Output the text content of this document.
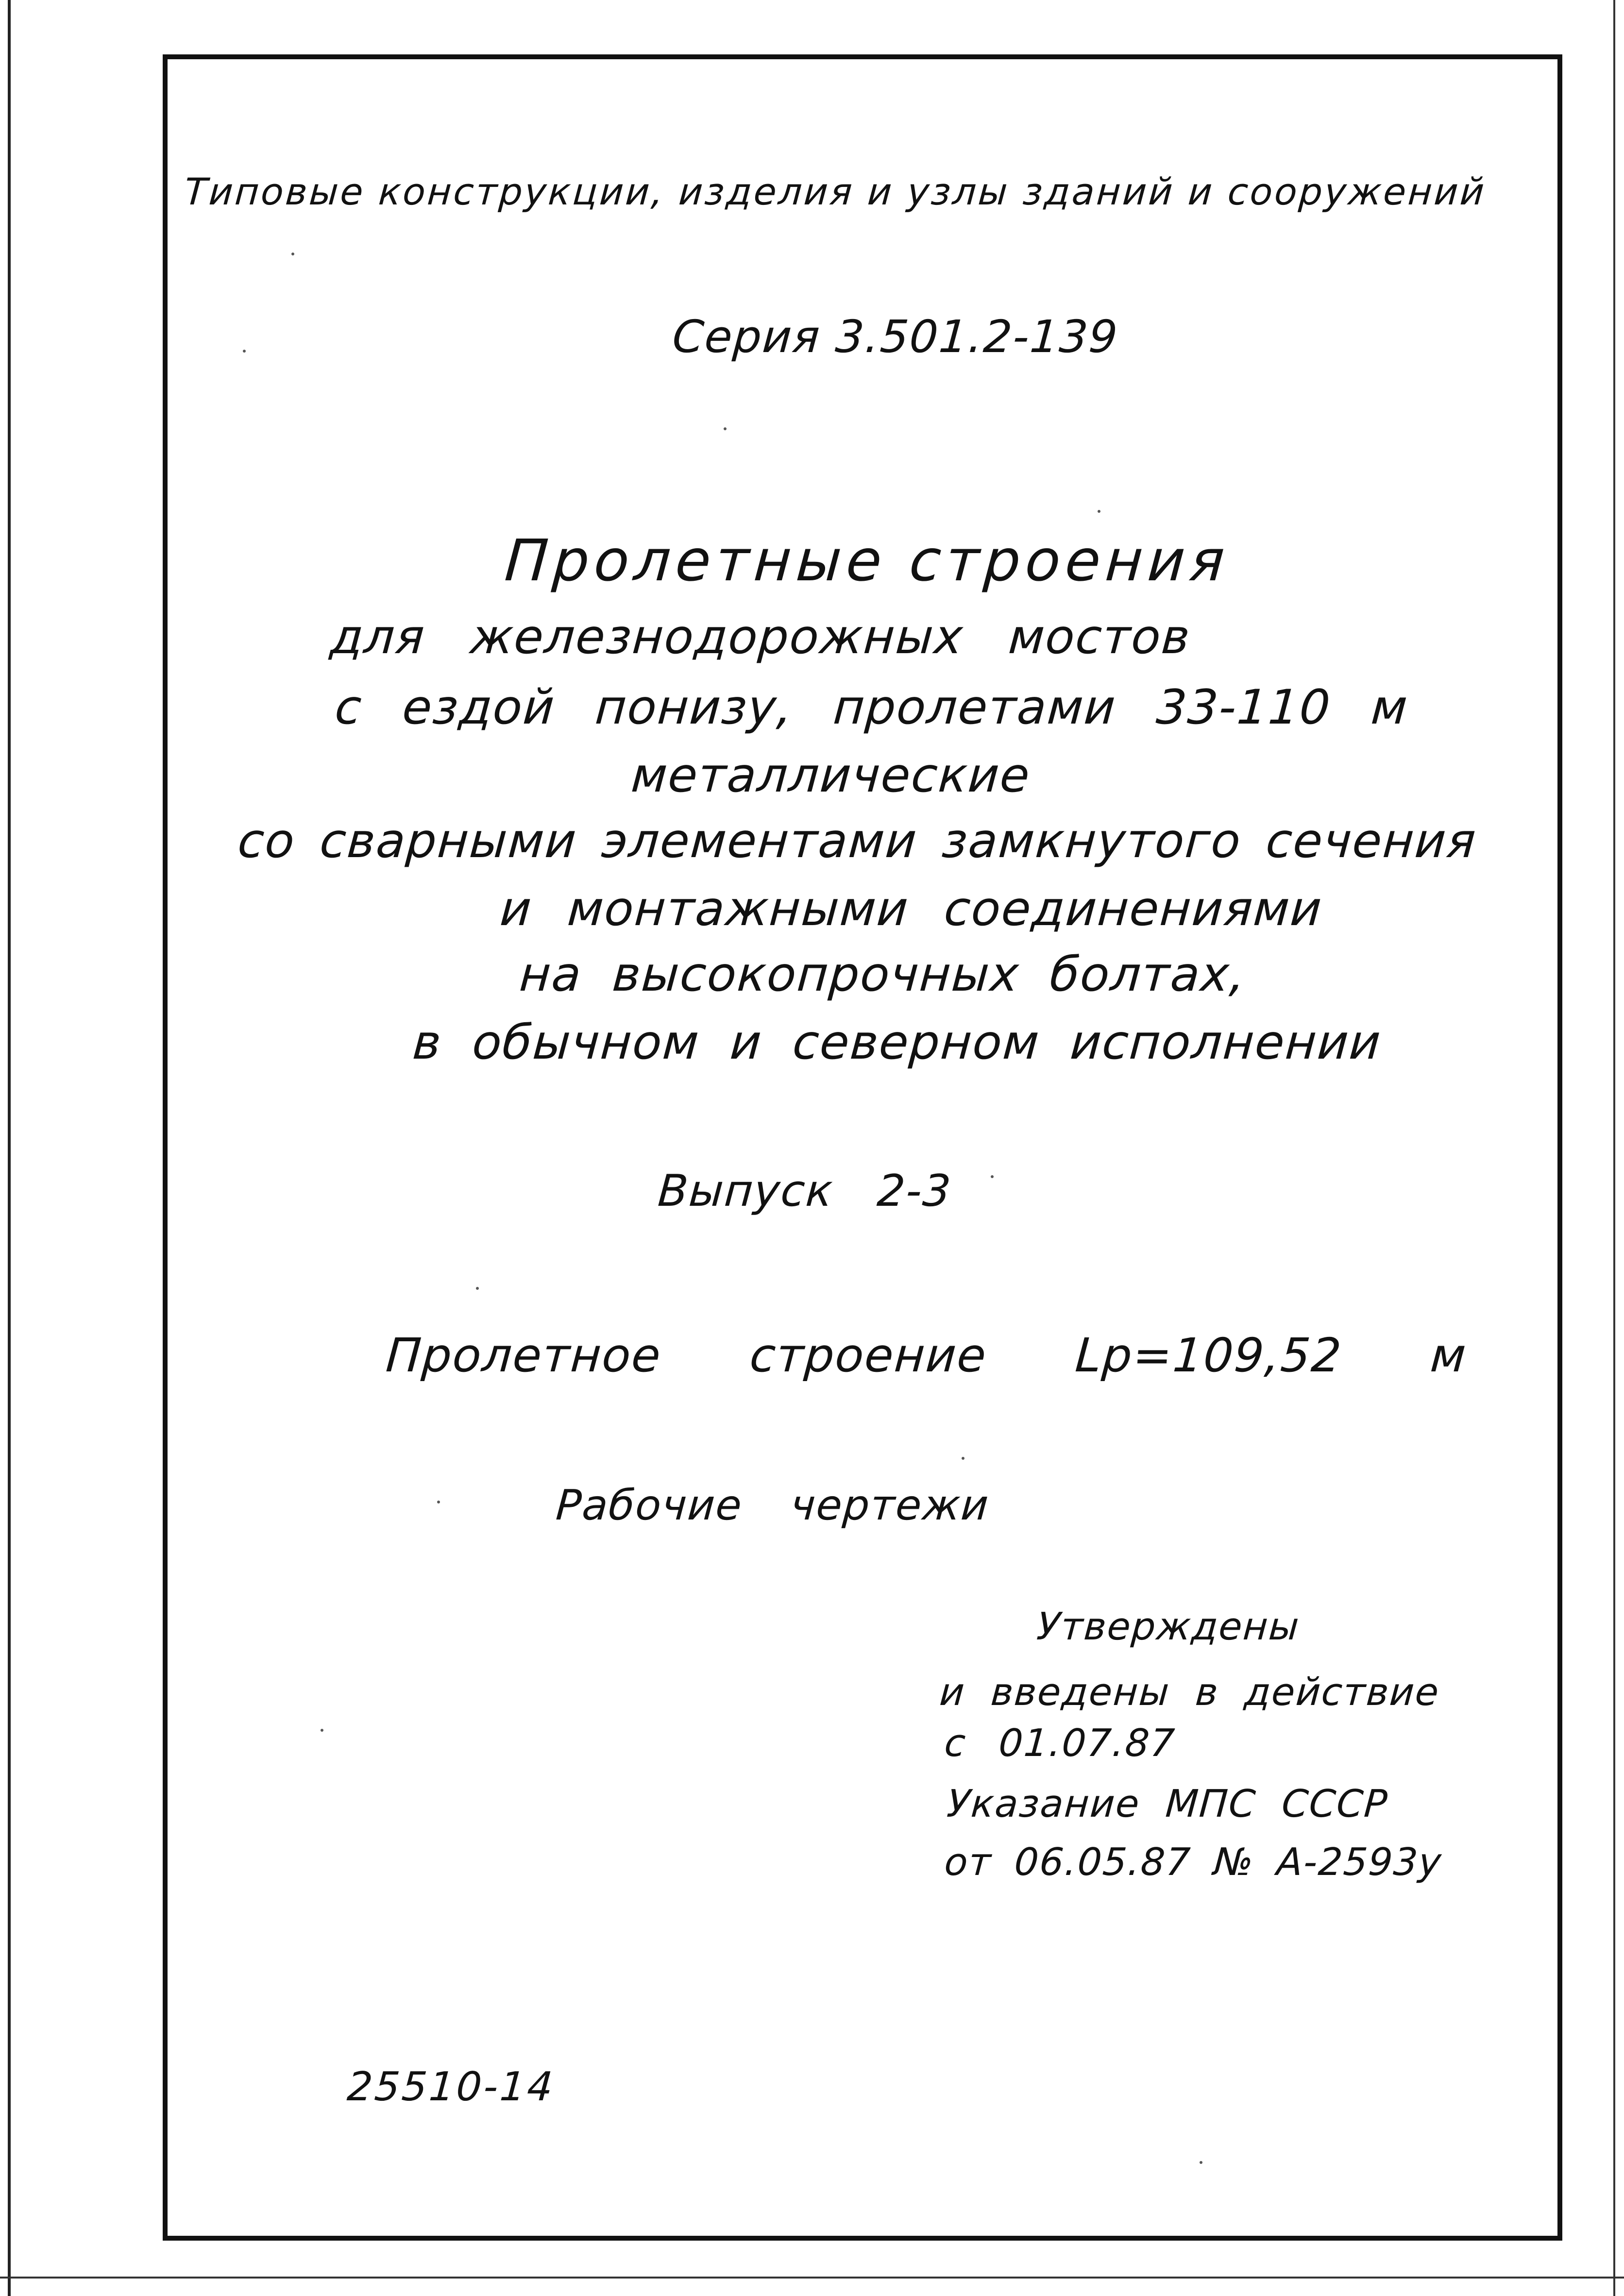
Типовые конструкции, изделия и узлы зданий и сооружений
Серия 3.501.2-139
Пролетные строения
для железнодорожных мостов
с ездой понизу, пролетами 33-110 м
металлические
со сварными элементами замкнутого сечения
и монтажными соединениями
на высокопрочных болтах,
в обычном и северном исполнении
Выпуск 2-3
Пролетное строение Lр=109,52 м
Рабочие чертежи
Утверждены
и введены в действие
с 01.07.87
Указание МПС СССР
от 06.05.87 № А-2593у
25510-14
